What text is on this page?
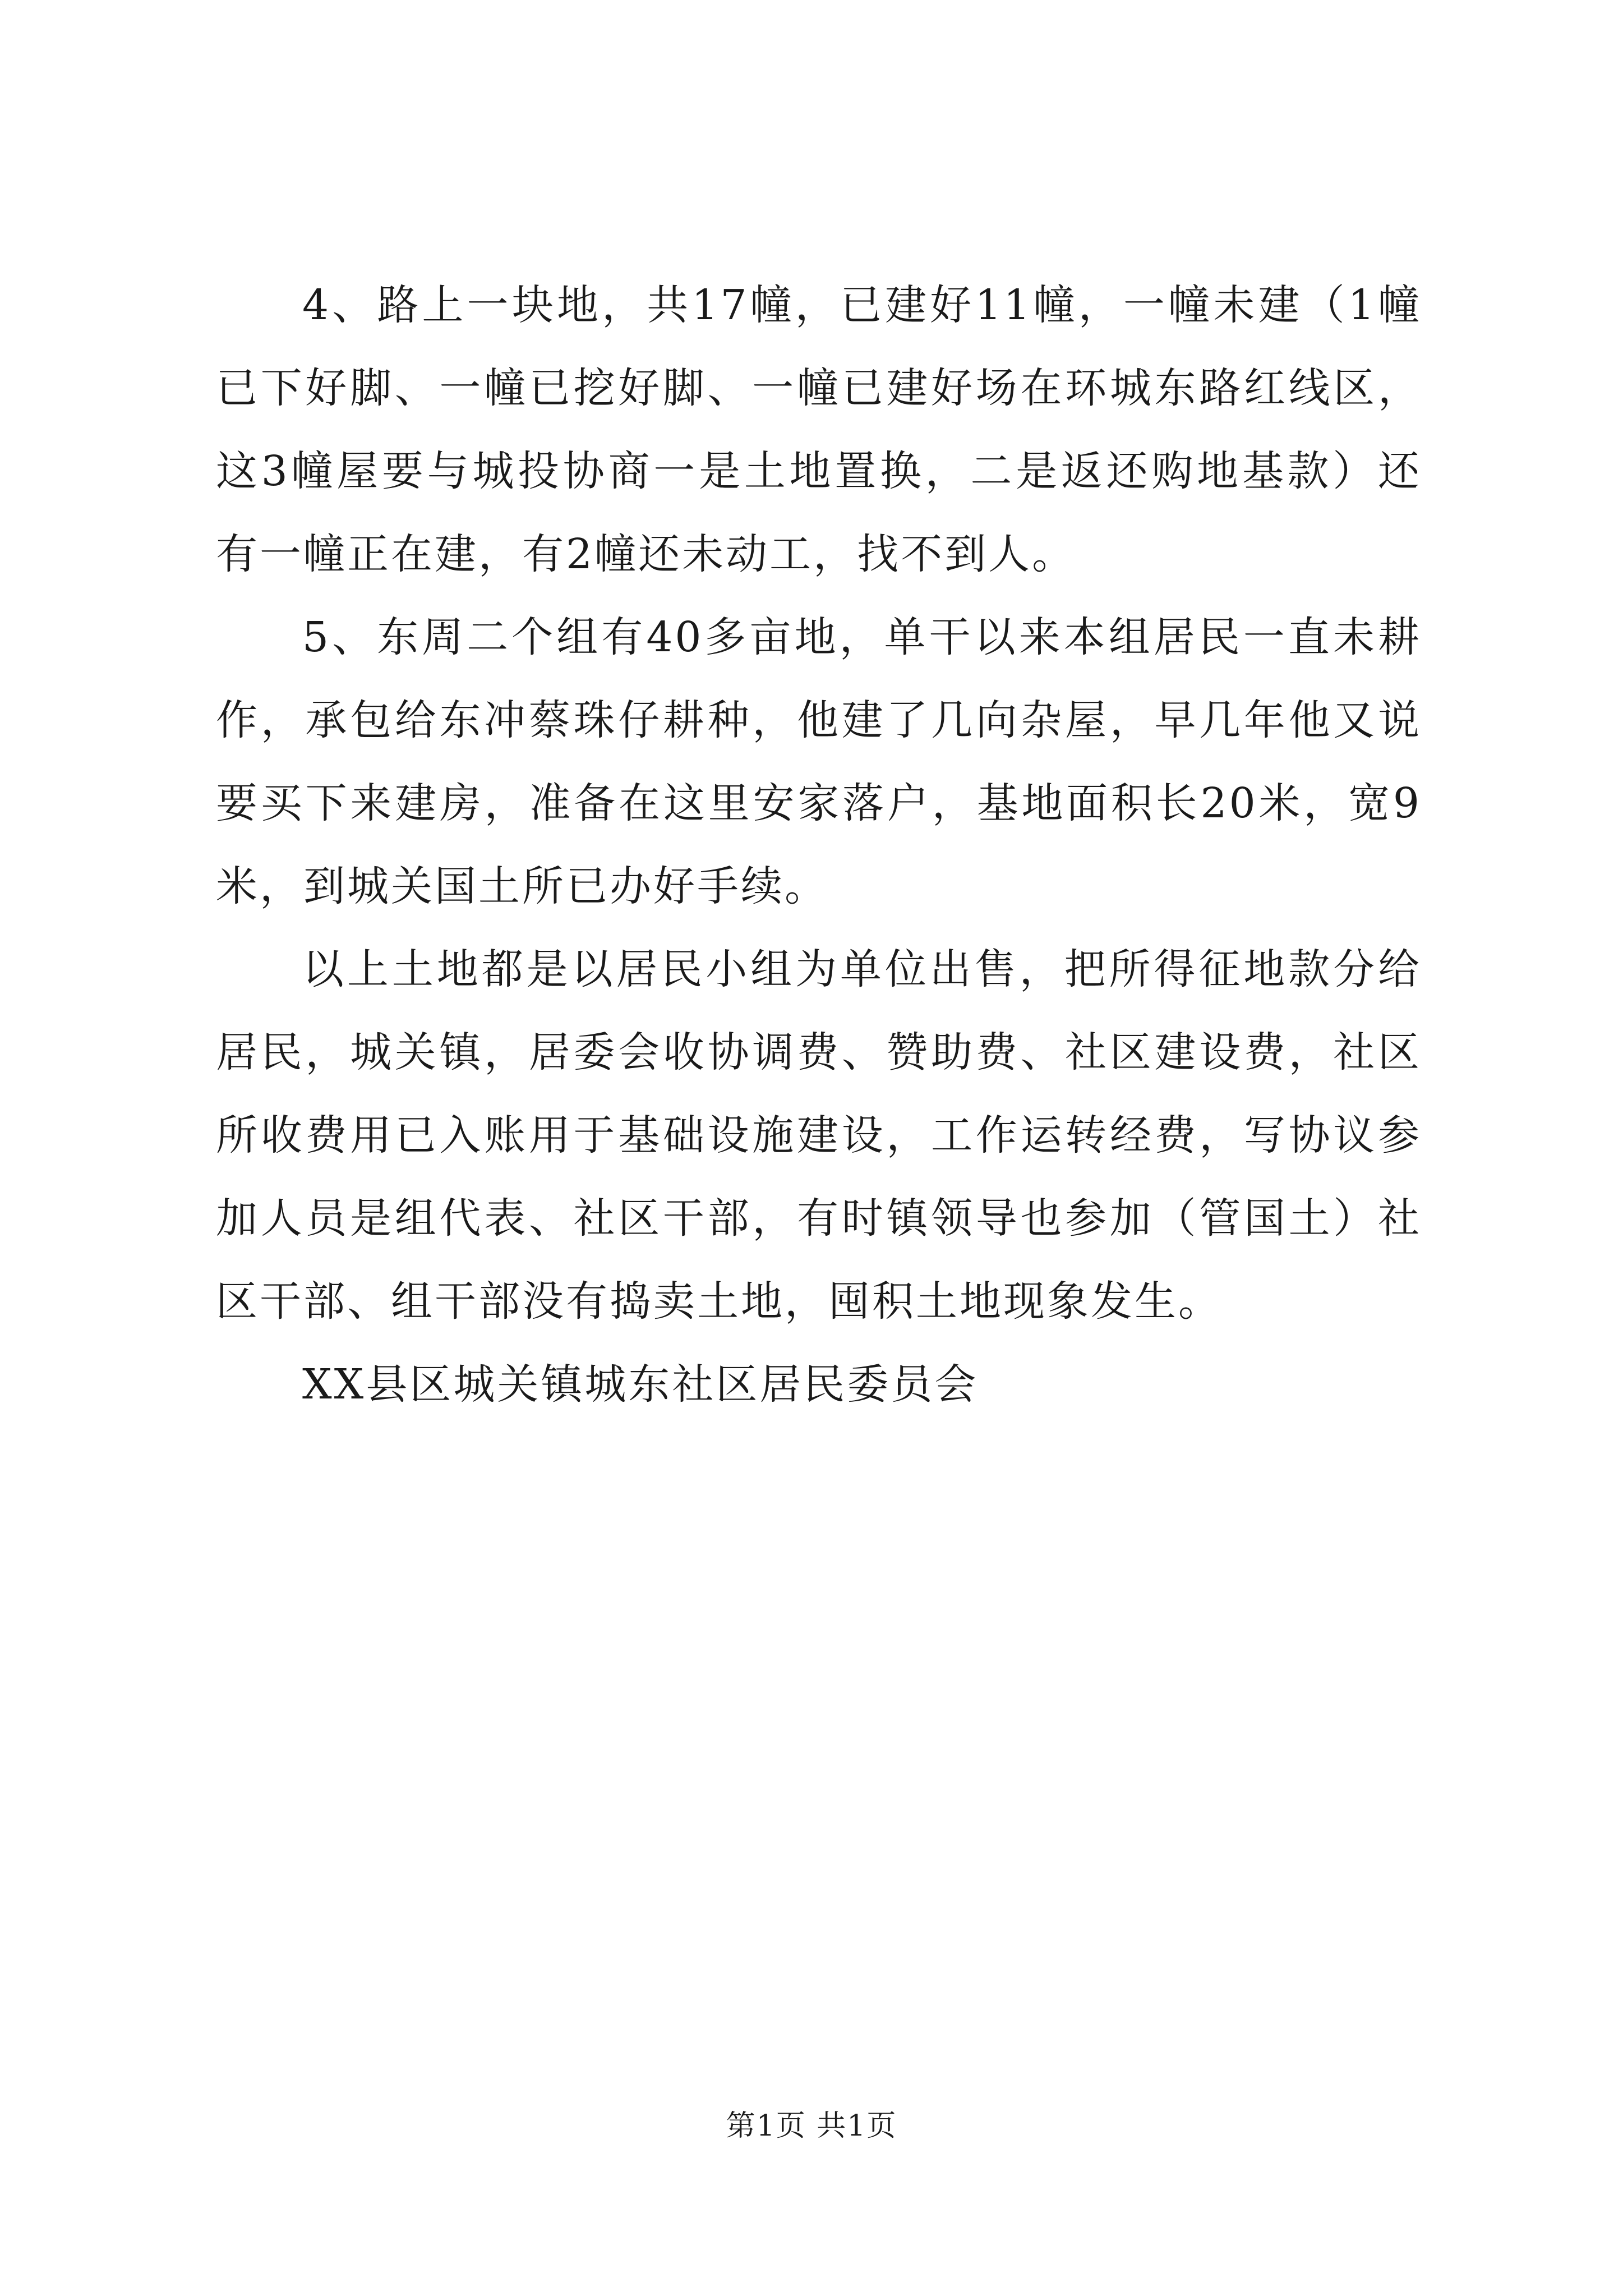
4、路上一块地，共17幢，已建好11幢，一幢未建（1幢已下好脚、一幢已挖好脚、一幢已建好场在环城东路红线区，这3幢屋要与城投协商一是土地置换，二是返还购地基款）还有一幢正在建，有2幢还未动工，找不到人。

5、东周二个组有40多亩地，单干以来本组居民一直未耕作，承包给东冲蔡珠仔耕种，他建了几向杂屋，早几年他又说要买下来建房，准备在这里安家落户，基地面积长20米，宽9米，到城关国土所已办好手续。

以上土地都是以居民小组为单位出售，把所得征地款分给居民，城关镇，居委会收协调费、赞助费、社区建设费，社区所收费用已入账用于基础设施建设，工作运转经费，写协议参加人员是组代表、社区干部，有时镇领导也参加（管国土）社区干部、组干部没有捣卖土地，囤积土地现象发生。

XX县区城关镇城东社区居民委员会

第1页 共1页
